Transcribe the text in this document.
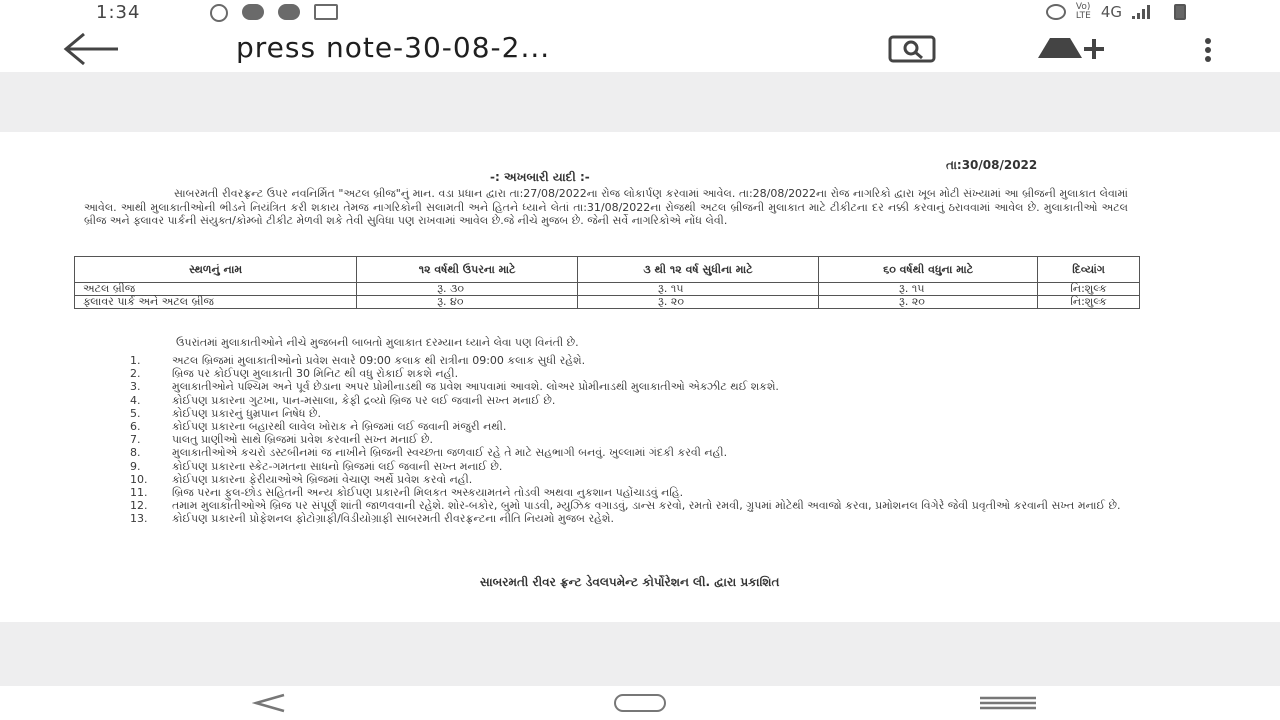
1:34	Vo)
LTE 4G
press note-30-08-2...
તા:30/08/2022
-: અખબારી યાદી :-

સાબરમતી રીવરફ્રન્ટ ઉપર નવનિર્મિત "અટલ બ્રીજ"નું માન. વડા પ્રધાન દ્વારા તા:27/08/2022ના રોજ લોકાર્પણ કરવામાં આવેલ. તા:28/08/2022ના રોજ નાગરિકો દ્વારા ખૂબ મોટી સંખ્યામાં આ બ્રીજની મુલાકાત લેવામાં આવેલ. આથી મુલાકાતીઓની ભીડને નિયંત્રિત કરી શકાય તેમજ નાગરિકોની સલામતી અને હિતને ધ્યાને લેતાં તા:31/08/2022ના રોજથી અટલ બ્રીજની મુલાકાત માટે ટીકીટના દર નક્કી કરવાનું ઠરાવવામાં આવેલ છે. મુલાકાતીઓ અટલ બ્રીજ અને ફ્લાવર પાર્કની સંયુક્ત/કોમ્બો ટીકીટ મેળવી શકે તેવી સુવિધા પણ રાખવામાં આવેલ છે.જે નીચે મુજબ છે. જેની સર્વે નાગરિકોએ નોંધ લેવી.

સ્થળનું નામ	૧૨ વર્ષથી ઉપરના માટે	૩ થી ૧૨ વર્ષ સુધીના માટે	૬૦ વર્ષથી વધુના માટે	દિવ્યાંગ
અટલ બ્રીજ	રૂ. ૩૦	રૂ. ૧૫	રૂ. ૧૫	નિ:શુલ્ક
ફ્લાવર પાર્ક અને અટલ બ્રીજ	રૂ. ૪૦	રૂ. ૨૦	રૂ. ૨૦	નિ:શુલ્ક
ઉપરાંતમાં મુલાકાતીઓને નીચે મુજબની બાબતો મુલાકાત દરમ્યાન ધ્યાને લેવા પણ વિનંતી છે.
1.	અટલ બ્રિજમાં મુલાકાતીઓનો પ્રવેશ સવારે 09:00 કલાક થી રાત્રીના 09:00 કલાક સુધી રહેશે.
2.	બ્રિજ પર કોઈપણ મુલાકાતી 30 મિનિટ થી વધુ રોકાઈ શકશે નહી.
3.	મુલાકાતીઓને પશ્ચિમ અને પૂર્વ છેડાના અપર પ્રોમીનાડથી જ પ્રવેશ આપવામાં આવશે. લોઅર પ્રોમીનાડથી મુલાકાતીઓ એક્ઝીટ થઈ શકશે.
4.	કોઈપણ પ્રકારના ગુટખા, પાન-મસાલા, કેફી દ્રવ્યો બ્રિજ પર લઈ જવાની સખ્ત મનાઈ છે.
5.	કોઈપણ પ્રકારનું ધુમ્રપાન નિષેધ છે.
6.	કોઈપણ પ્રકારના બહારથી લાવેલ ખોરાક ને બ્રિજમાં લઈ જવાની મંજુરી નથી.
7.	પાલતુ પ્રાણીઓ સાથે બ્રિજમાં પ્રવેશ કરવાની સખ્ત મનાઈ છે.
8.	મુલાકાતીઓએ કચરો ડસ્ટબીનમાં જ નાખીને બ્રિજની સ્વચ્છતા જળવાઈ રહે તે માટે સહભાગી બનવું. ખુલ્લામાં ગંદકી કરવી નહી.
9.	કોઈપણ પ્રકારના સ્કેટ-ગમતના સાધનો બ્રિજમાં લઈ જવાની સખ્ત મનાઈ છે.
10.	કોઈપણ પ્રકારના ફેરીયાઓએ બ્રિજમાં વેચાણ અર્થે પ્રવેશ કરવો નહી.
11.	બ્રિજ પરના ફુલ-છોડ સહિતની અન્ય કોઈપણ પ્રકારની મિલકત અસ્કયામતને તોડવી અથવા નુકશાન પહોંચાડવું નહિ.
12.	તમામ મુલાકાતીઓએ બ્રિજ પર સંપૂર્ણ શાંતી જાળવવાની રહેશે. શોર-બકોર, બુમો પાડવી, મ્યુઝિક વગાડવું, ડાન્સ કરવો, રમતો રમવી, ગ્રુપમાં મોટેથી અવાજો કરવા, પ્રમોશનલ વિગેરે જેવી પ્રવૃતીઓ કરવાની સખ્ત મનાઈ છે.
13.	કોઈપણ પ્રકારની પ્રોફેશનલ ફોટોગ્રાફી/વિડીયોગ્રાફી સાબરમતી રીવરફ્રન્ટના નીતિ નિયમો મુજબ રહેશે.
સાબરમતી રીવર ફ્રન્ટ ડેવલપમેન્ટ કોર્પોરેશન લી. દ્વારા પ્રકાશિત
